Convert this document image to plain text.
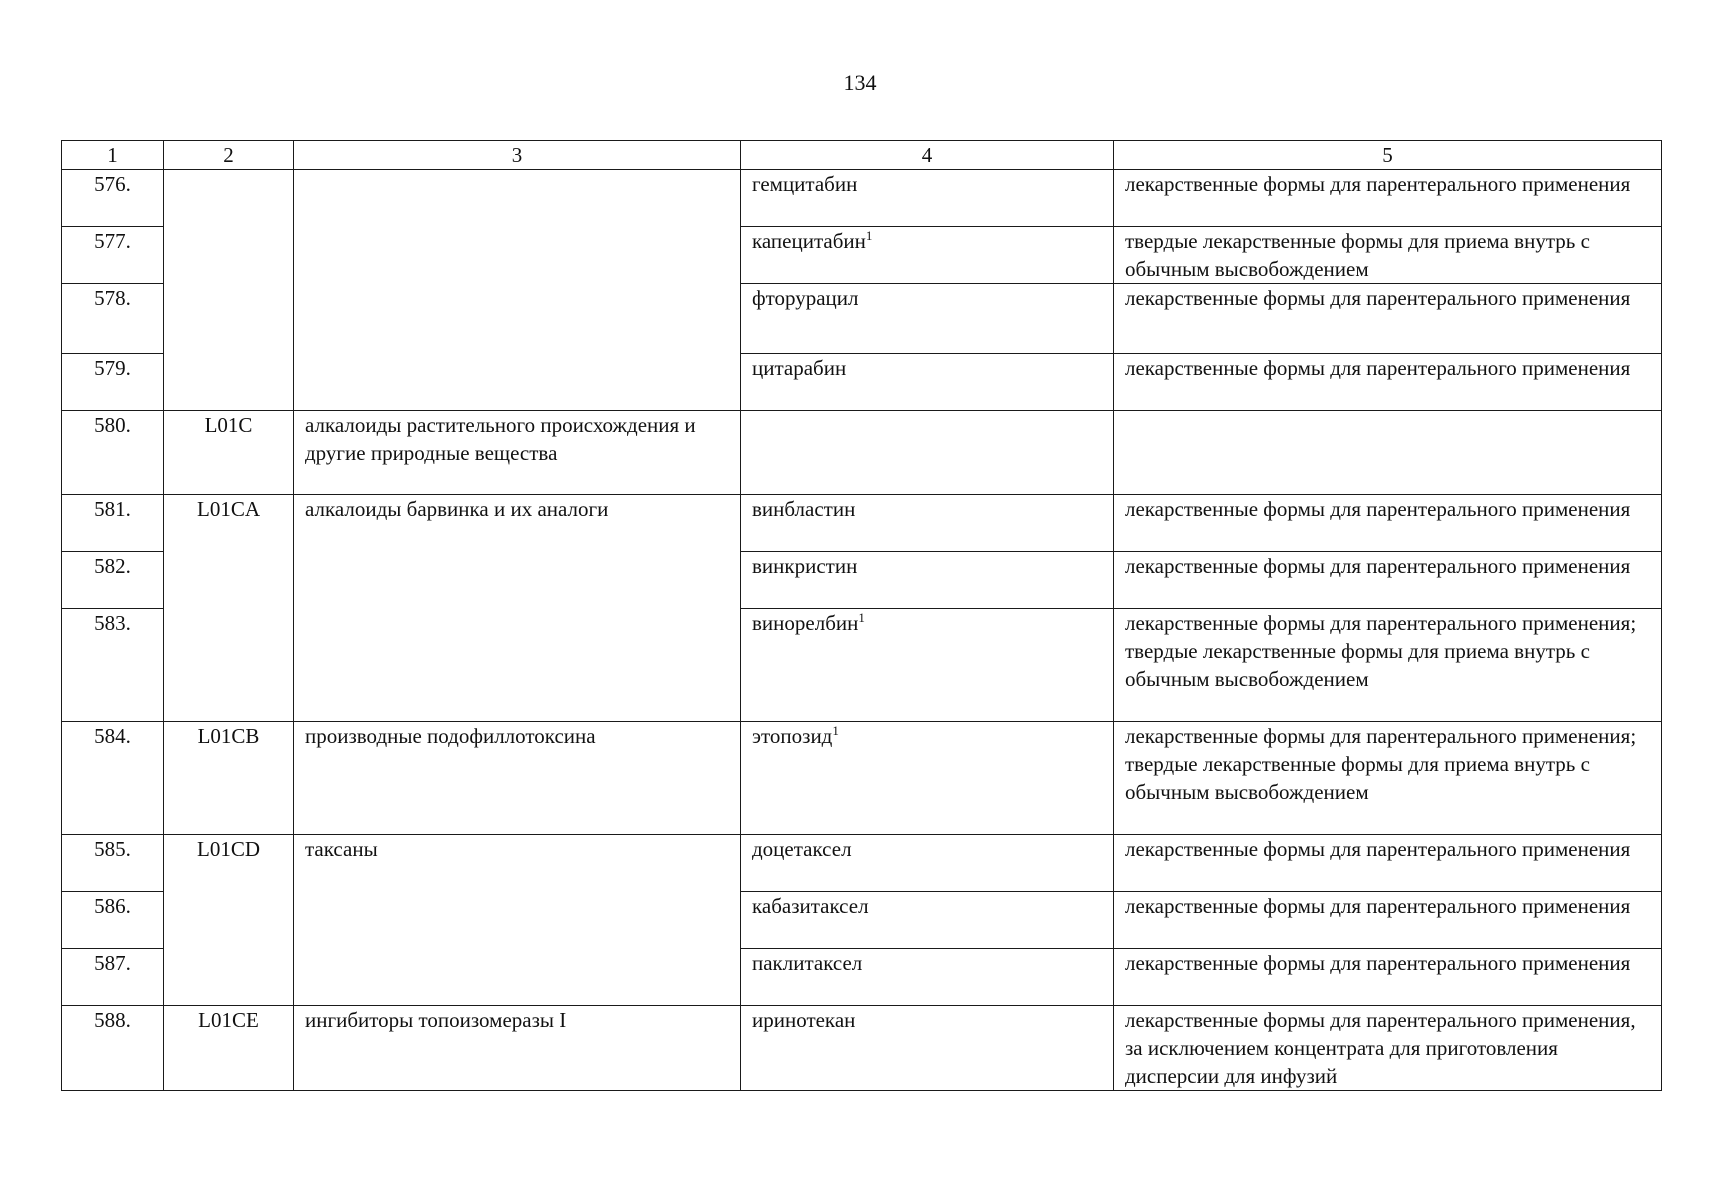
134
1	2	3	4	5
576.			гемцитабин	лекарственные формы для парентерального применения
577.			капецитабин$^1$	твердые лекарственные формы для приема внутрь с обычным высвобождением
578.			фторурацил	лекарственные формы для парентерального применения
579.			цитарабин	лекарственные формы для парентерального применения
580.	L01C	алкалоиды растительного происхождения и другие природные вещества		
581.	L01CA	алкалоиды барвинка и их аналоги	винбластин	лекарственные формы для парентерального применения
582.			винкристин	лекарственные формы для парентерального применения
583.			винорелбин$^1$	лекарственные формы для парентерального применения;
твердые лекарственные формы для приема внутрь с обычным высвобождением

584.	L01CB	производные подофиллотоксина	этопозид$^1$	лекарственные формы для парентерального применения;
твердые лекарственные формы для приема внутрь с обычным высвобождением

585.	L01CD	таксаны	доцетаксел	лекарственные формы для парентерального применения
586.			кабазитаксел	лекарственные формы для парентерального применения
587.			паклитаксел	лекарственные формы для парентерального применения
588.	L01CE	ингибиторы топоизомеразы I	иринотекан	лекарственные формы для парентерального применения, за исключением концентрата для приготовления дисперсии для инфузий
